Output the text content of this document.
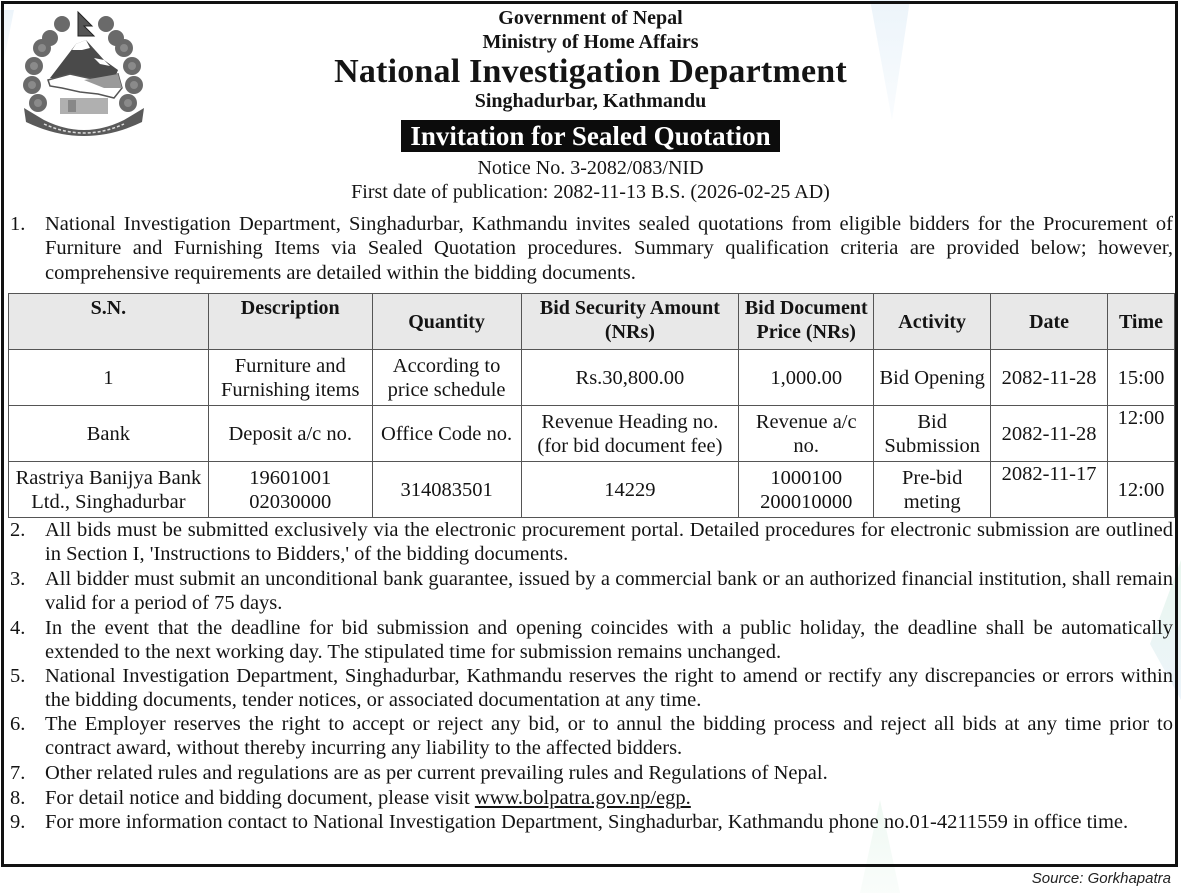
Government of Nepal
Ministry of Home Affairs
National Investigation Department
Singhadurbar, Kathmandu
Invitation for Sealed Quotation
Notice No. 3-2082/083/NID
First date of publication: 2082-11-13 B.S. (2026-02-25 AD)
1. National Investigation Department, Singhadurbar, Kathmandu invites sealed quotations from eligible bidders for the Procurement of Furniture and Furnishing Items via Sealed Quotation procedures. Summary qualification criteria are provided below; however, comprehensive requirements are detailed within the bidding documents.
S.N.	Description	Quantity	Bid Security Amount (NRs)	Bid Document Price (NRs)	Activity	Date	Time
1	Furniture and Furnishing items	According to price schedule	Rs.30,800.00	1,000.00	Bid Opening	2082-11-28	15:00
Bank	Deposit a/c no.	Office Code no.	Revenue Heading no. (for bid document fee)	Revenue a/c no.	Bid Submission	2082-11-28	12:00
Rastriya Banijya Bank Ltd., Singhadurbar	19601001 02030000	314083501	14229	1000100 200010000	Pre-bid meting	2082-11-17	12:00
2. All bids must be submitted exclusively via the electronic procurement portal. Detailed procedures for electronic submission are outlined in Section I, 'Instructions to Bidders,' of the bidding documents.
3. All bidder must submit an unconditional bank guarantee, issued by a commercial bank or an authorized financial institution, shall remain valid for a period of 75 days.
4. In the event that the deadline for bid submission and opening coincides with a public holiday, the deadline shall be automatically extended to the next working day. The stipulated time for submission remains unchanged.
5. National Investigation Department, Singhadurbar, Kathmandu reserves the right to amend or rectify any discrepancies or errors within the bidding documents, tender notices, or associated documentation at any time.
6. The Employer reserves the right to accept or reject any bid, or to annul the bidding process and reject all bids at any time prior to contract award, without thereby incurring any liability to the affected bidders.
7. Other related rules and regulations are as per current prevailing rules and Regulations of Nepal.
8. For detail notice and bidding document, please visit www.bolpatra.gov.np/egp.
9. For more information contact to National Investigation Department, Singhadurbar, Kathmandu phone no.01-4211559 in office time.
Source: Gorkhapatra
